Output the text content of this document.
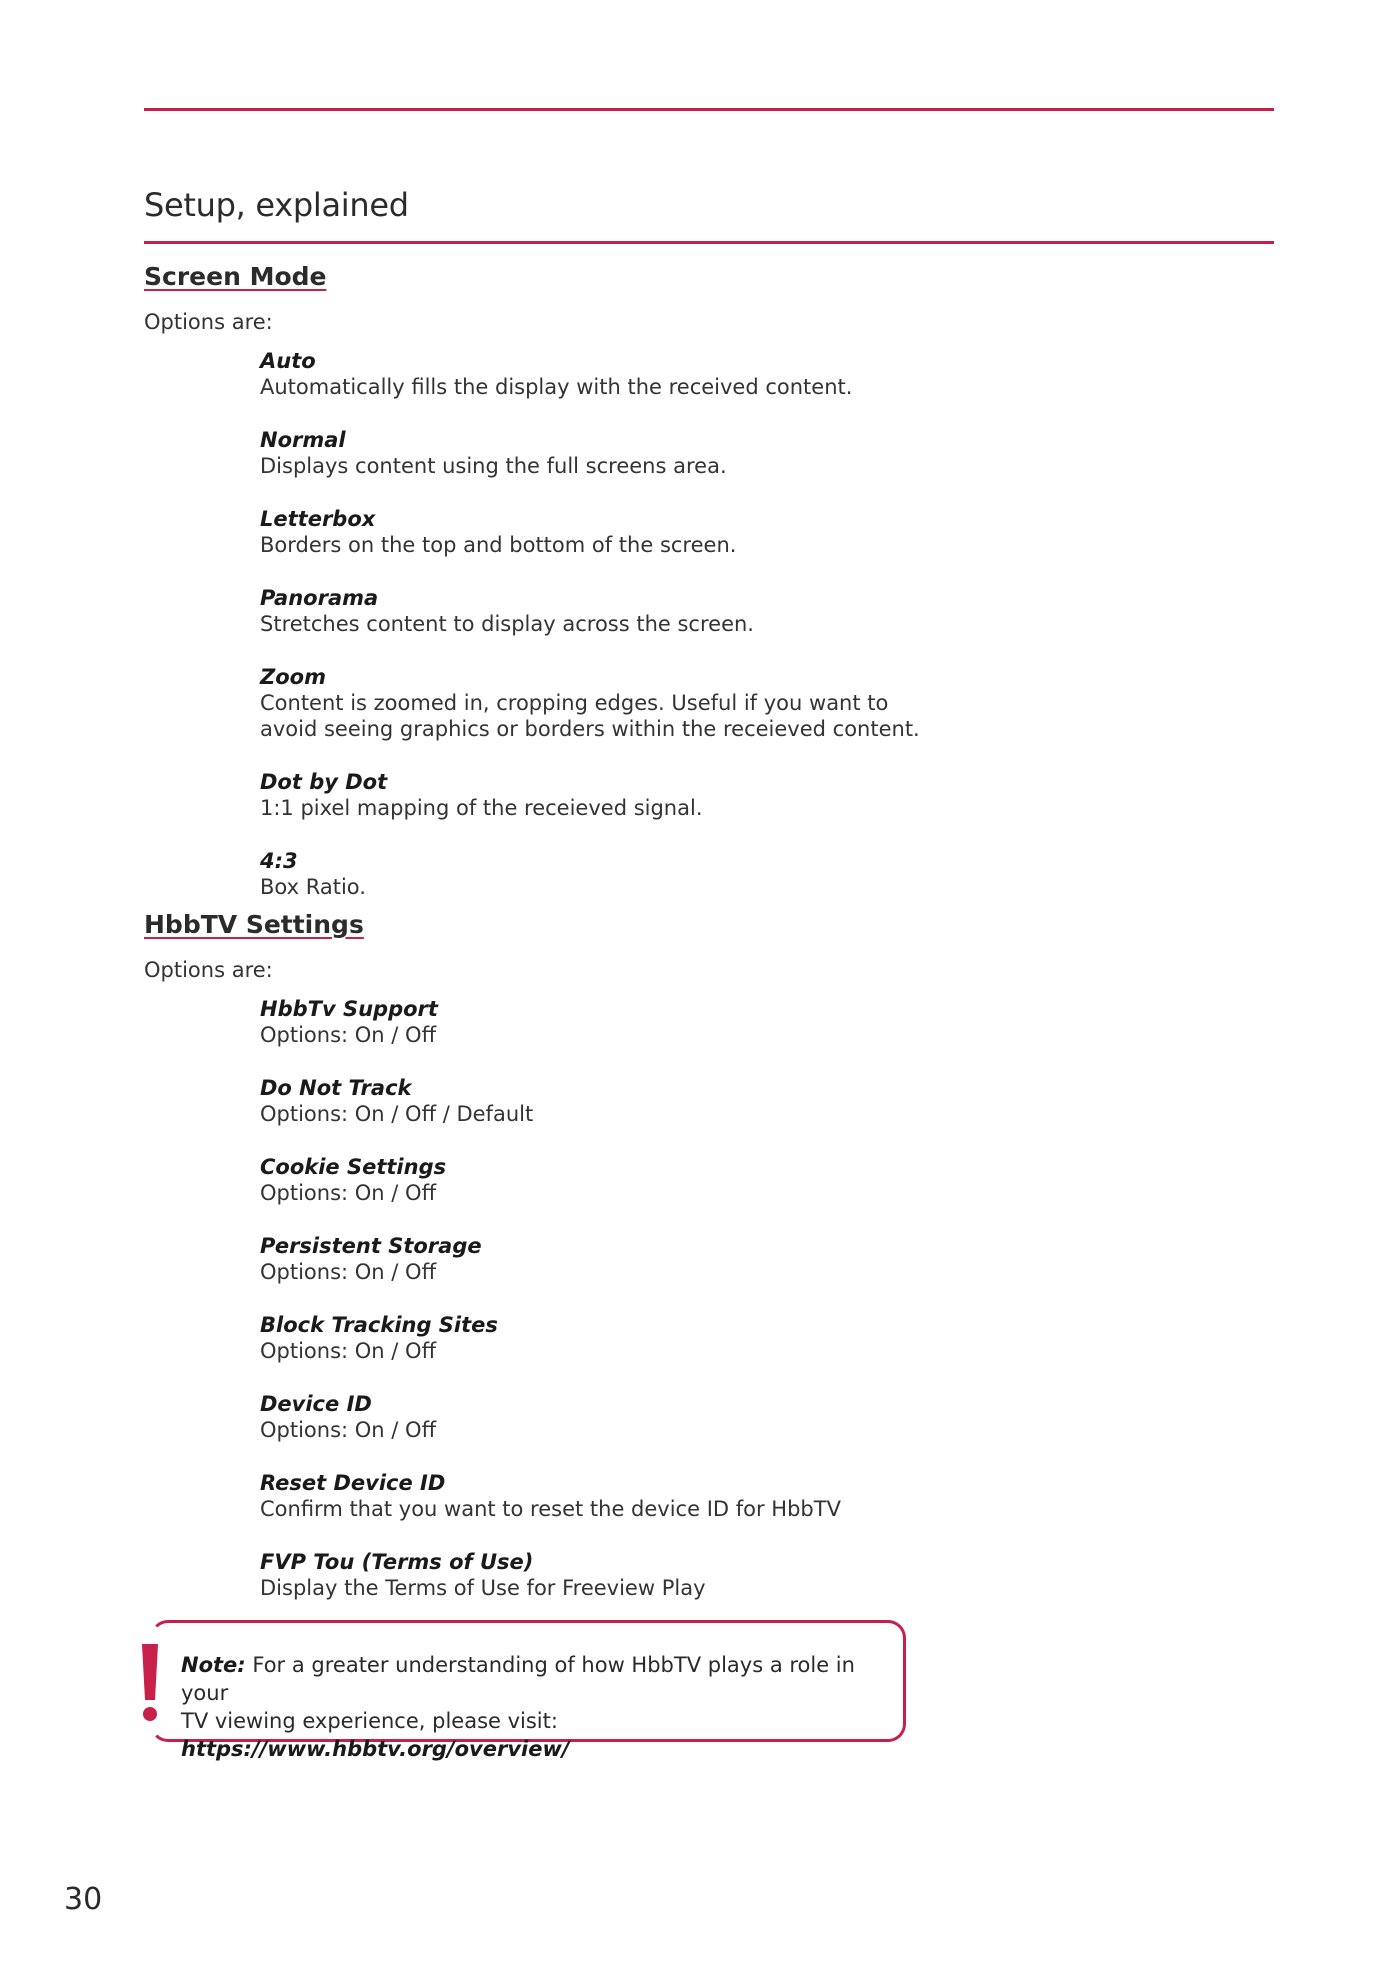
Setup, explained
Screen Mode

Options are:

Auto
Automatically fills the display with the received content.
Normal
Displays content using the full screens area.
Letterbox
Borders on the top and bottom of the screen.
Panorama
Stretches content to display across the screen.
Zoom
Content is zoomed in, cropping edges. Useful if you want to
avoid seeing graphics or borders within the receieved content.
Dot by Dot
1:1 pixel mapping of the receieved signal.
4:3
Box Ratio.
HbbTV Settings

Options are:

HbbTv Support
Options: On / Off
Do Not Track
Options: On / Off / Default
Cookie Settings
Options: On / Off
Persistent Storage
Options: On / Off
Block Tracking Sites
Options: On / Off
Device ID
Options: On / Off
Reset Device ID
Confirm that you want to reset the device ID for HbbTV
FVP Tou (Terms of Use)
Display the Terms of Use for Freeview Play
Note: For a greater understanding of how HbbTV plays a role in your
TV viewing experience, please visit: https://www.hbbtv.org/overview/
30
